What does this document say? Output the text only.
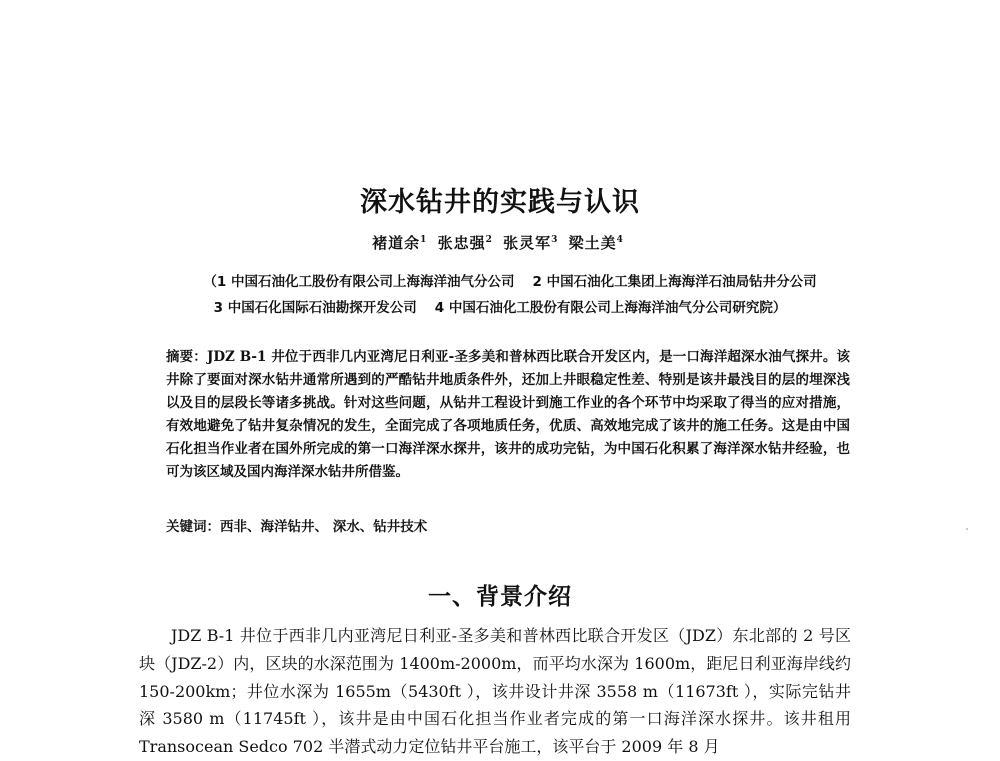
深水钻井的实践与认识
褚道余$^1$ 张忠强$^2$ 张灵军$^3$ 梁土美$^4$
（1 中国石油化工股份有限公司上海海洋油气分公司 2 中国石油化工集团上海海洋石油局钻井分公司
3 中国石化国际石油勘探开发公司 4 中国石油化工股份有限公司上海海洋油气分公司研究院）
摘要：JDZ B-1 井位于西非几内亚湾尼日利亚-圣多美和普林西比联合开发区内，是一口海洋超深水油气探井。该井除了要面对深水钻井通常所遇到的严酷钻井地质条件外，还加上井眼稳定性差、特别是该井最浅目的层的埋深浅以及目的层段长等诸多挑战。针对这些问题，从钻井工程设计到施工作业的各个环节中均采取了得当的应对措施，有效地避免了钻井复杂情况的发生，全面完成了各项地质任务，优质、高效地完成了该井的施工任务。这是由中国石化担当作业者在国外所完成的第一口海洋深水探井，该井的成功完钻，为中国石化积累了海洋深水钻井经验，也可为该区域及国内海洋深水钻井所借鉴。
关键词：西非、海洋钻井、 深水、钻井技术
一、背景介绍
JDZ B-1 井位于西非几内亚湾尼日利亚-圣多美和普林西比联合开发区（JDZ）东北部的 2 号区块（JDZ-2）内，区块的水深范围为 1400m-2000m，而平均水深为 1600m，距尼日利亚海岸线约 150-200km；井位水深为 1655m（5430ft ），该井设计井深 3558 m（11673ft ），实际完钻井深 3580 m（11745ft ），该井是由中国石化担当作业者完成的第一口海洋深水探井。该井租用 Transocean Sedco 702 半潜式动力定位钻井平台施工，该平台于 2009 年 8 月
